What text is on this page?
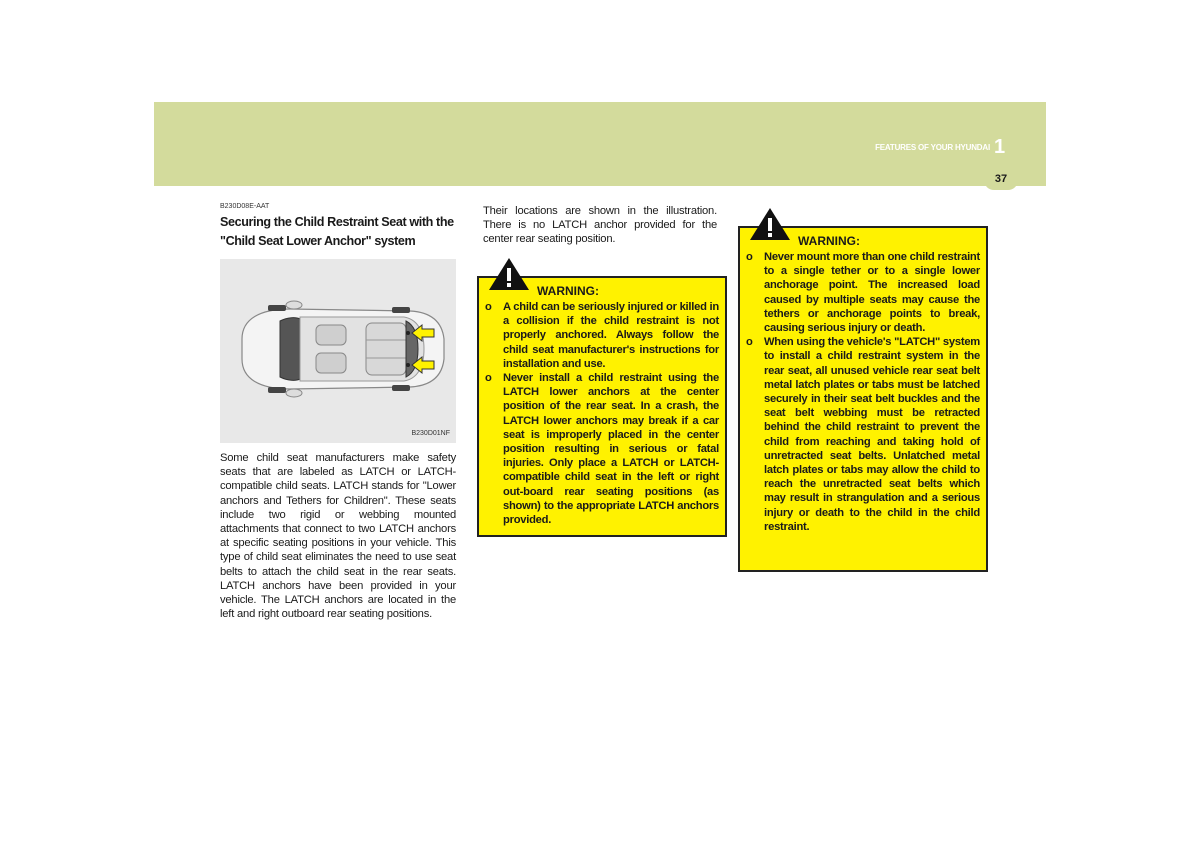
FEATURES OF YOUR HYUNDAI 1
37
B230D08E-AAT
Securing the Child Restraint Seat with the "Child Seat Lower Anchor" system
B230D01NF
Some child seat manufacturers make safety seats that are labeled as LATCH or LATCH-compatible child seats. LATCH stands for "Lower anchors and Tethers for Children". These seats include two rigid or webbing mounted attachments that connect to two LATCH anchors at specific seating positions in your vehicle. This type of child seat eliminates the need to use seat belts to attach the child seat in the rear seats. LATCH anchors have been provided in your vehicle. The LATCH anchors are located in the left and right outboard rear seating positions.
Their locations are shown in the illustration. There is no LATCH anchor provided for the center rear seating position.
WARNING:
o A child can be seriously injured or killed in a collision if the child restraint is not properly anchored. Always follow the child seat manufacturer's instructions for installation and use.
o Never install a child restraint using the LATCH lower anchors at the center position of the rear seat. In a crash, the LATCH lower anchors may break if a car seat is improperly placed in the center position resulting in serious or fatal injuries. Only place a LATCH or LATCH-compatible child seat in the left or right out-board rear seating positions (as shown) to the appropriate LATCH anchors provided.
WARNING:
o Never mount more than one child restraint to a single tether or to a single lower anchorage point. The increased load caused by multiple seats may cause the tethers or anchorage points to break, causing serious injury or death.
o When using the vehicle's "LATCH" system to install a child restraint system in the rear seat, all unused vehicle rear seat belt metal latch plates or tabs must be latched securely in their seat belt buckles and the seat belt webbing must be retracted behind the child restraint to prevent the child from reaching and taking hold of unretracted seat belts. Unlatched metal latch plates or tabs may allow the child to reach the unretracted seat belts which may result in strangulation and a serious injury or death to the child in the child restraint.
